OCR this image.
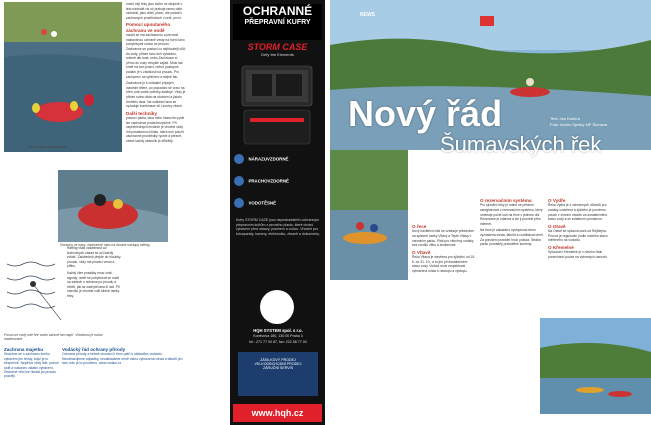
Loď Hunaaro raftovoj tibetu
Všechny ze kasy, záchranné nám na dlouhé nastupy rafting
Posun ze vody ode hře vodní zahrně lan napří. Vhodnost je nutno nastinované

Rafting však vzdálenost od technických zásad se učí každý zvlášť. Začátečník přejde do hloubky proudu, vždy má plovací vestu a přilbu.

Každý člen posádky musí znát signály, umět se pohybovat ve vodě na zádech s nohama po proudu a vědět, jak se zachytit lana či lodi. Při nácviku je vhodné volit klidné úseky řeky.

vodní ceji řeky jsou loďce ve skupině v této nádnotě viz už prakuje raneu dalé. vzdušnit, jako viděl, plavu, ale podati v zachraných prostředcích v celé, první.

Pomocí upoutaného záchranu ve vodě

naučit se má záchrannou a pevnost nastavenou ochraně vesty na horní lano pohyblivými vodou se proudu. Zachránce se postaví co nejhlouběji vůči do vody, přitom lano drží vytaženo, vnitrně dle lana, nebo Zachránce si přímo do vody obvykle zajistí. Musí tak umět na tom pozici, neboť postupné podání je v závislosti na proudu. Pro zachycení na vyhlížení a stejně tak.

Zachránce je k ovládání připojen vlastním tělem, po popadání se vrací na břeh, kde podle potřeby asistuje. Vždy je přitom nutno dbát na ukotvení a jistotu druhého lana. Na ovládání lana se vyžaduje kombinace sil i souhry všech.

Další techniky

pomocí pádla, lana nebo házecího pytle lze zachránce podat bezpečně. Při nepřehledných místech je vhodné vždy mít postavenou hlídku, která umí použít záchranné prostředky rychle a přesně, neboť každý okamžik je důležitý.

Zachrana majetku
Snažíme se o záchranu svého vybavení jen tehdy, když je to bezpečné. Nejdříve vždy lidé, potom lodě a nakonec ostatní vybavení. Ztracené věci lze hledat po proudu později.
Vodácký řád ochrany přírody
Ochrana přírody a šetrné chování k řece patří k základům vodáctví. Neodhazujeme odpadky, nezakládáme ohně mimo vyhrazená místa a tábořit jen tam, kde je to povoleno. www.vodaci.cz
OCHRANNÉ
PŘEPRAVNÍ KUFRY
STORM CASE
Defy the Elements
NÁRAZUVZDORNÉ
PRACHOVZDORNÉ
VODOTĚSNÉ
Kufry STORM CASE jsou nepostradatelní ochranným přepravním kufrům z pevného plastu, které chrání vybavení před nárazy, prachem a vodou. Vhodné pro fotoaparáty, kamery, elektroniku, zbraně a dokumenty.
HQH SYSTEM spol. s r.o.
Konévova 160, 130 00 Praha 3
tel.: 271 77 00 87, fax: 222 58 77 00
ZÁSILKOVÝ PRODEJ
VELKOOBCHODNÍ PRODEJ
ZÁRUČNÍ SERVIS
www.hqh.cz
NEWS
Nový řád
Šumavských řek
Text: Jan Kučera
Foto: Archiv Správy NP Šumava
O řece

Nový návštěvní řád se vztahuje především na splavné úseky Vltavy a Teplé Vltavy v národním parku. Platí pro všechny vodáky bez rozdílu věku a zkušeností.

O Vltavě

Řeka Vltava je otevřena pro sjíždění od 15. 6. do 31. 10., a to jen při dostatečném stavu vody. Vodáci musí respektovat vyhrazená místa k nástupu a výstupu.

O rezervačním systému

Pro sjíždění řeky je nutné se předem zaregistrovat v rezervačním systému, který omezuje počet lodí na řece v jednom dni. Rezervace je zdarma a lze ji provést přes internet.

Na řece je zakázáno vystupovat mimo vyznačená místa, tábořit a rozdělávat oheň. Za porušení pravidel hrozí pokuta. Strážci parku provádějí pravidelné kontroly.

O Vydře

Řeka Vydra je z ochranných důvodů pro vodáky uzavřena a sjíždění je povoleno pouze v zimním období za dostatečného stavu vody a se zvláštním povolením.

O Otavě

Na Otavě se splouvá úsek od Rejštejna. Provoz je regulován podle vodního stavu měřeného na vodočtu.

O Křemelné

Splouvání Křemelné je v návrhu řádu ponecháno pouze na vybraných úsecích.
